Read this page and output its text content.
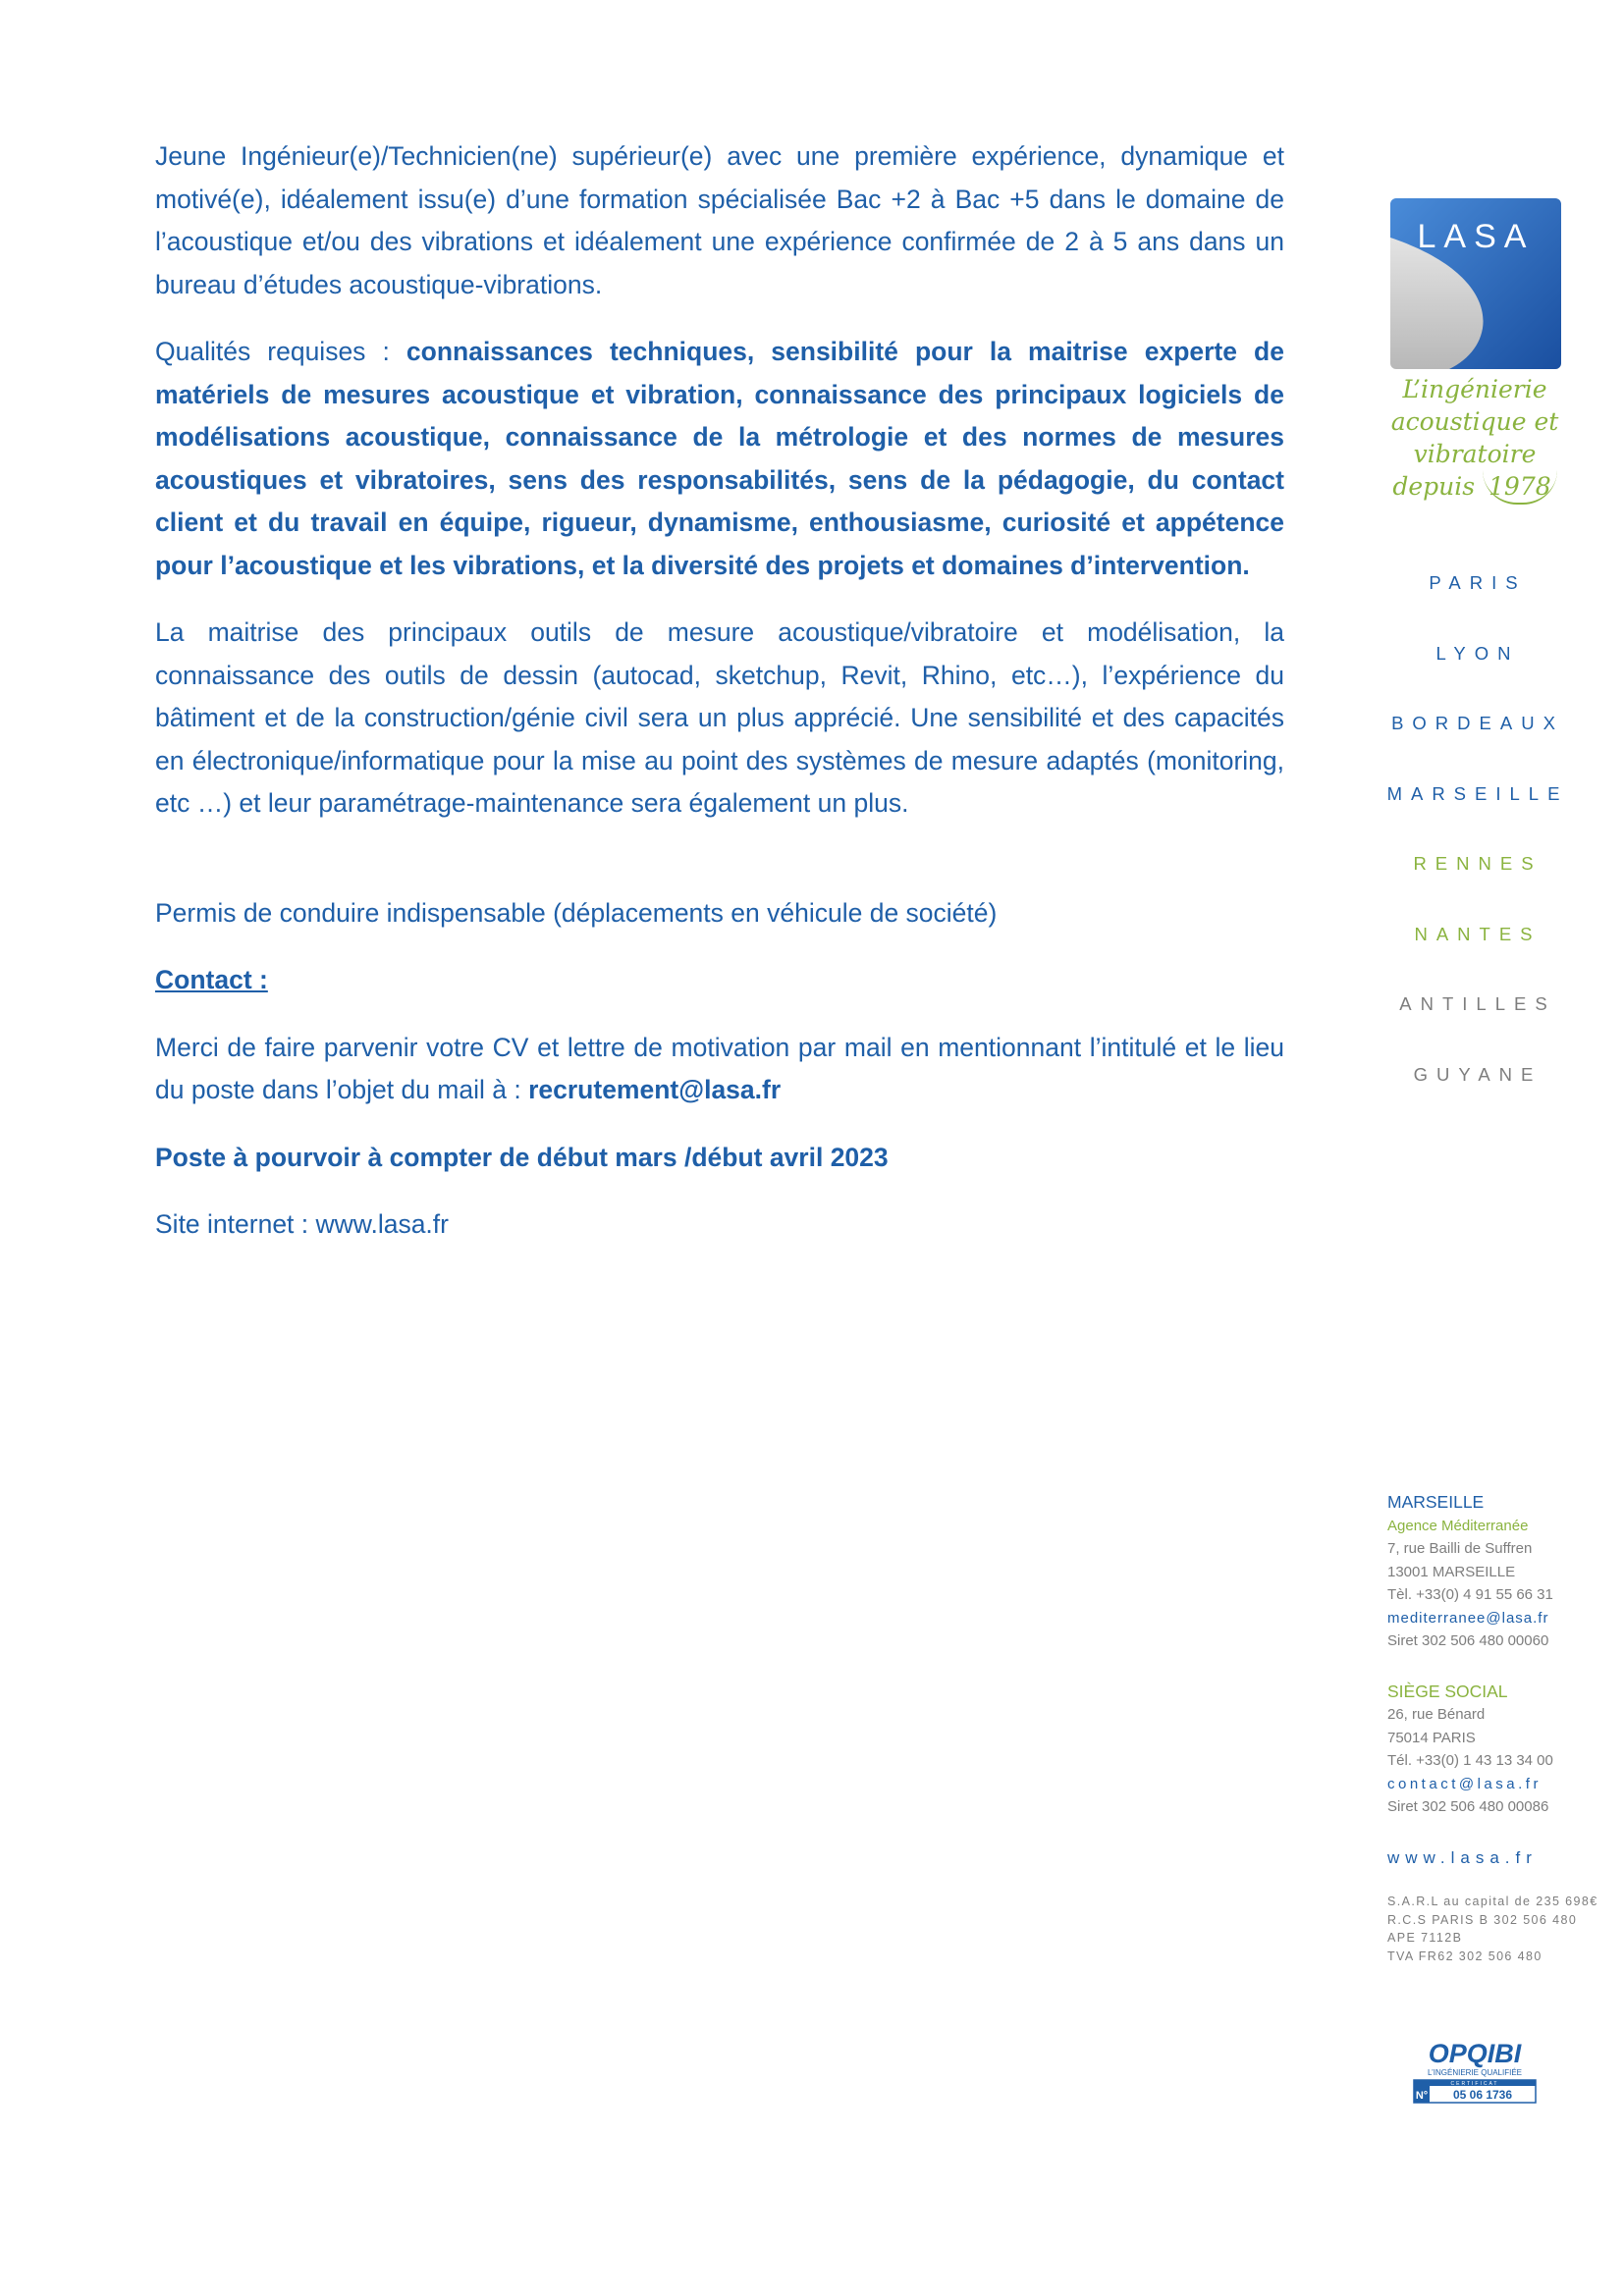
Jeune Ingénieur(e)/Technicien(ne) supérieur(e) avec une première expérience, dynamique et motivé(e), idéalement issu(e) d’une formation spécialisée Bac +2 à Bac +5 dans le domaine de l’acoustique et/ou des vibrations et idéalement une expérience confirmée de 2 à 5 ans dans un bureau d’études acoustique-vibrations.

Qualités requises : connaissances techniques, sensibilité pour la maitrise experte de matériels de mesures acoustique et vibration, connaissance des principaux logiciels de modélisations acoustique, connaissance de la métrologie et des normes de mesures acoustiques et vibratoires, sens des responsabilités, sens de la pédagogie, du contact client et du travail en équipe, rigueur, dynamisme, enthousiasme, curiosité et appétence pour l’acoustique et les vibrations, et la diversité des projets et domaines d’intervention.

La maitrise des principaux outils de mesure acoustique/vibratoire et modélisation, la connaissance des outils de dessin (autocad, sketchup, Revit, Rhino, etc…), l’expérience du bâtiment et de la construction/génie civil sera un plus apprécié. Une sensibilité et des capacités en électronique/informatique pour la mise au point des systèmes de mesure adaptés (monitoring, etc …) et leur paramétrage-maintenance sera également un plus.

Permis de conduire indispensable (déplacements en véhicule de société)

Contact :

Merci de faire parvenir votre CV et lettre de motivation par mail en mentionnant l’intitulé et le lieu du poste dans l’objet du mail à : recrutement@lasa.fr

Poste à pourvoir à compter de début mars /début avril 2023

Site internet : www.lasa.fr

LASA
L’ingénierie
acoustique et vibratoire
depuis 1978
PARIS
LYON
BORDEAUX
MARSEILLE
RENNES
NANTES
ANTILLES
GUYANE
MARSEILLE
Agence Méditerranée
7, rue Bailli de Suffren
13001 MARSEILLE
Tèl. +33(0) 4 91 55 66 31
mediterranee@lasa.fr
Siret 302 506 480 00060
SIÈGE SOCIAL
26, rue Bénard
75014 PARIS
Tél. +33(0) 1 43 13 34 00
contact@lasa.fr
Siret 302 506 480 00086
www.lasa.fr
S.A.R.L au capital de 235 698€
R.C.S PARIS B 302 506 480
APE 7112B
TVA FR62 302 506 480
OPQIBI
L’INGÉNIERIE QUALIFIÉE
CERTIFICAT
N° 05 06 1736
